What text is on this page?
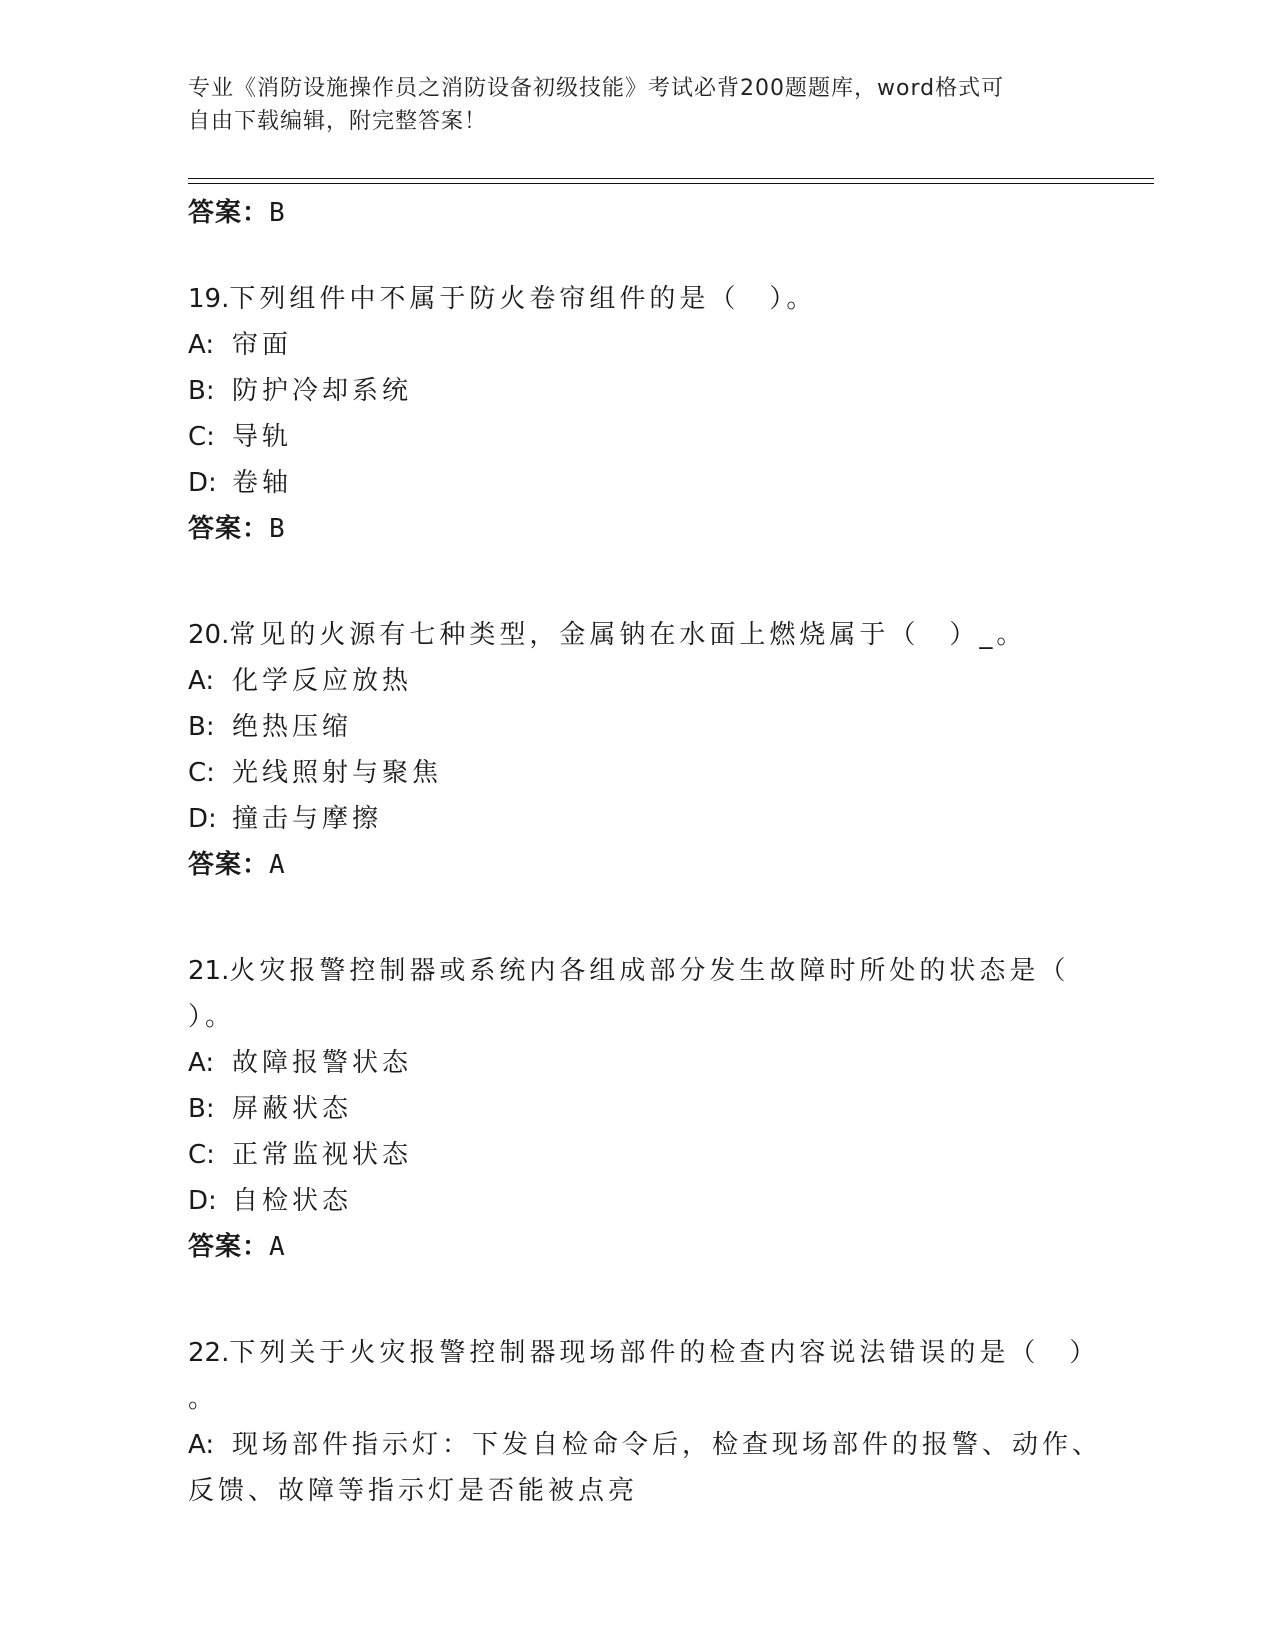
专业《消防设施操作员之消防设备初级技能》考试必背200题题库，word格式可
自由下载编辑，附完整答案！
答案：B
19.下列组件中不属于防火卷帘组件的是（　）。
A: 帘面
B: 防护冷却系统
C: 导轨
D: 卷轴
答案：B
20.常见的火源有七种类型，金属钠在水面上燃烧属于（　）_。
A: 化学反应放热
B: 绝热压缩
C: 光线照射与聚焦
D: 撞击与摩擦
答案：A
21.火灾报警控制器或系统内各组成部分发生故障时所处的状态是（
）。
A: 故障报警状态
B: 屏蔽状态
C: 正常监视状态
D: 自检状态
答案：A
22.下列关于火灾报警控制器现场部件的检查内容说法错误的是（　）
。
A: 现场部件指示灯：下发自检命令后，检查现场部件的报警、动作、
反馈、故障等指示灯是否能被点亮
